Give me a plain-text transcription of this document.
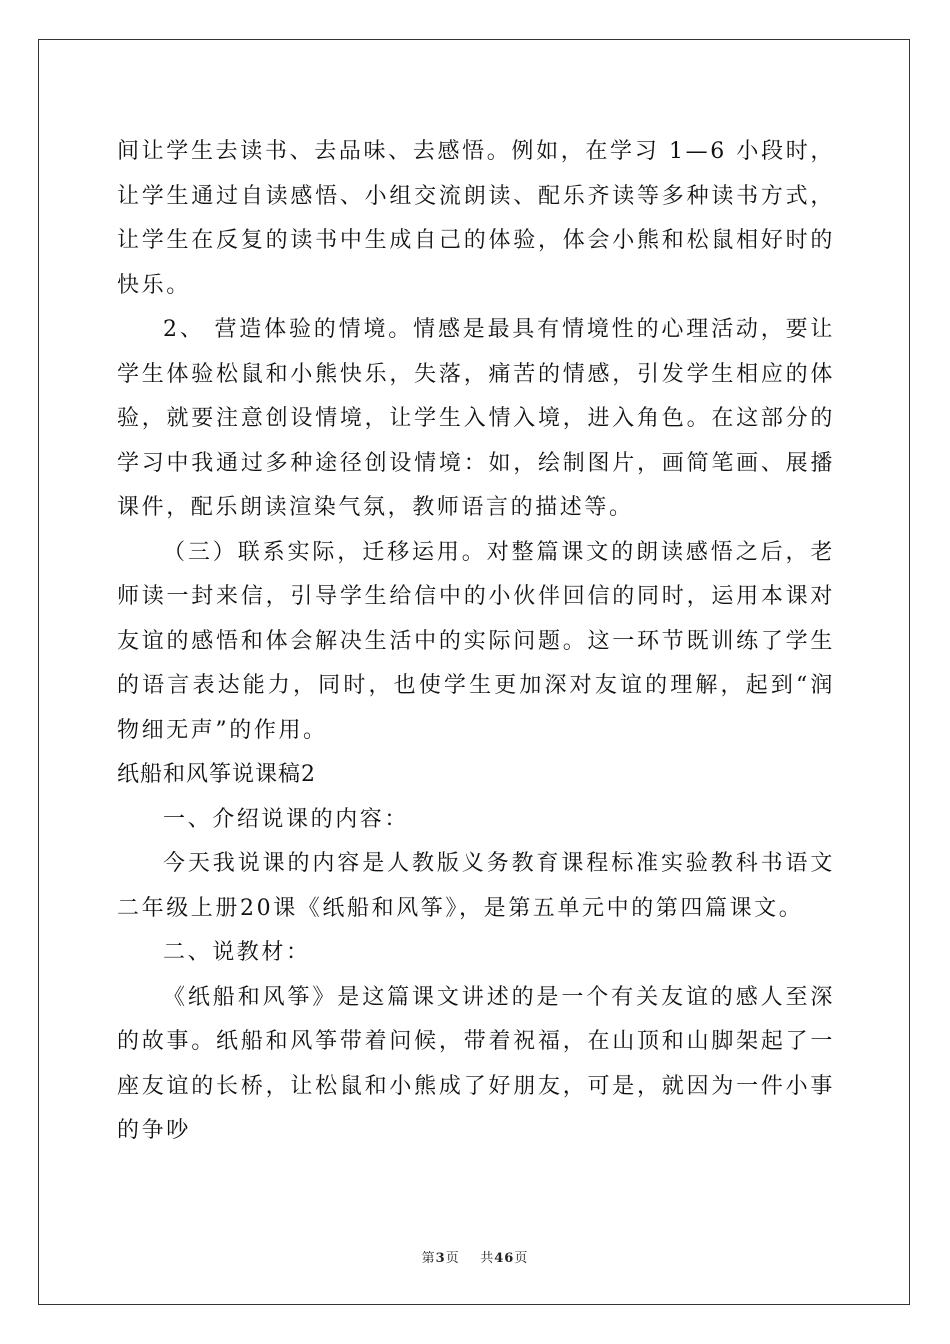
间让学生去读书、去品味、去感悟。例如，在学习 1—6 小段时，让学生通过自读感悟、小组交流朗读、配乐齐读等多种读书方式，让学生在反复的读书中生成自己的体验，体会小熊和松鼠相好时的快乐。

2、 营造体验的情境。情感是最具有情境性的心理活动，要让学生体验松鼠和小熊快乐，失落，痛苦的情感，引发学生相应的体验，就要注意创设情境，让学生入情入境，进入角色。在这部分的学习中我通过多种途径创设情境：如，绘制图片，画简笔画、展播课件，配乐朗读渲染气氛，教师语言的描述等。

（三）联系实际，迁移运用。对整篇课文的朗读感悟之后，老师读一封来信，引导学生给信中的小伙伴回信的同时，运用本课对友谊的感悟和体会解决生活中的实际问题。这一环节既训练了学生的语言表达能力，同时，也使学生更加深对友谊的理解，起到“润物细无声”的作用。

纸船和风筝说课稿2

一、介绍说课的内容：

今天我说课的内容是人教版义务教育课程标准实验教科书语文二年级上册20课《纸船和风筝》，是第五单元中的第四篇课文。

二、说教材：

《纸船和风筝》是这篇课文讲述的是一个有关友谊的感人至深的故事。纸船和风筝带着问候，带着祝福，在山顶和山脚架起了一座友谊的长桥，让松鼠和小熊成了好朋友，可是，就因为一件小事的争吵

第3页 共46页
